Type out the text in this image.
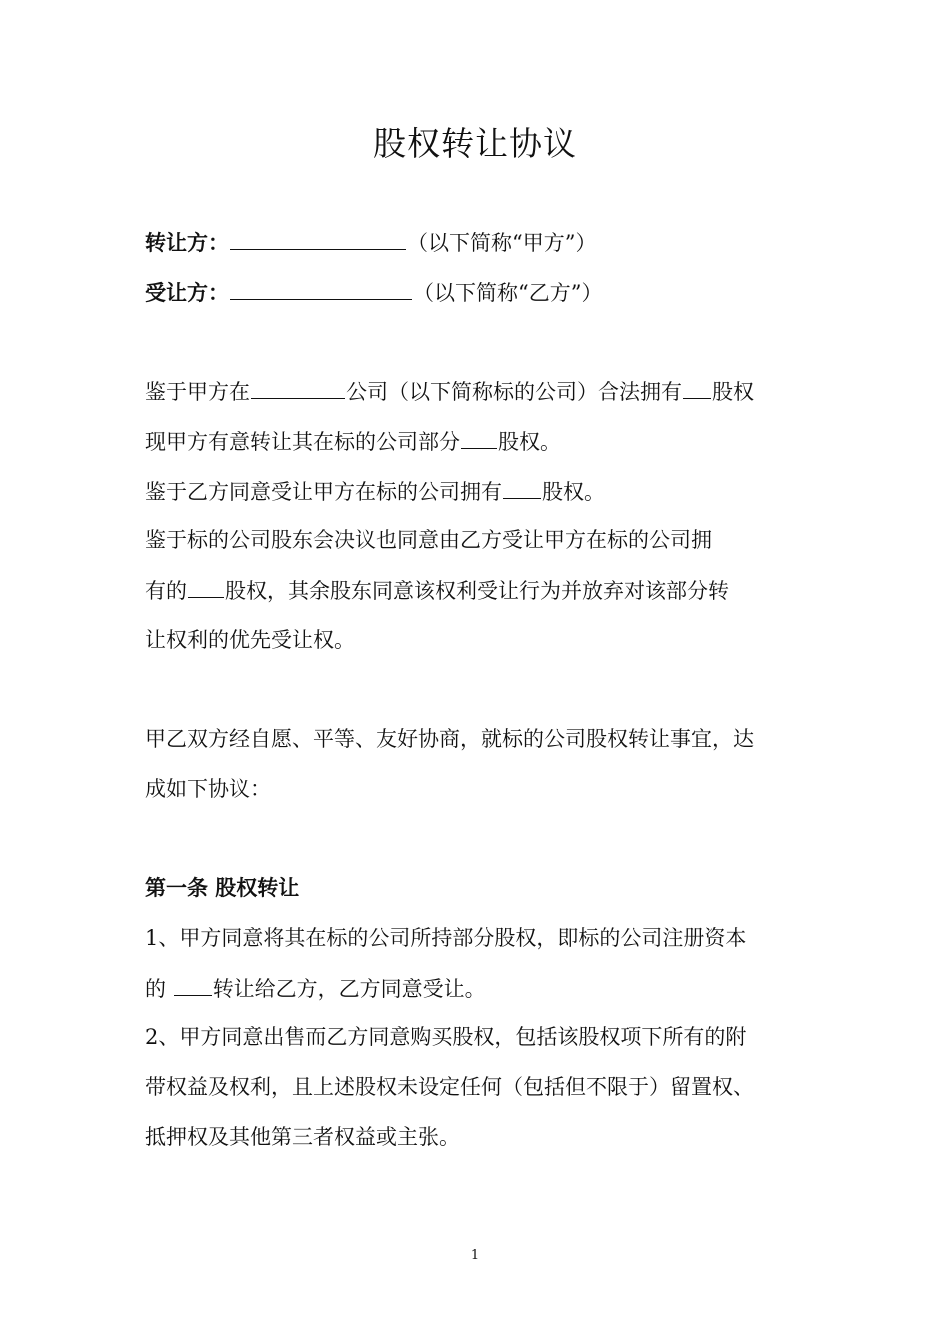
股权转让协议
转让方：	（以下简称“甲方”）
受让方：	（以下简称“乙方”）
鉴于甲方在	公司（以下简称标的公司）合法拥有 股权
现甲方有意转让其在标的公司部分 股权。
鉴于乙方同意受让甲方在标的公司拥有 股权。
鉴于标的公司股东会决议也同意由乙方受让甲方在标的公司拥
有的 股权，其余股东同意该权利受让行为并放弃对该部分转
让权利的优先受让权。
甲乙双方经自愿、平等、友好协商，就标的公司股权转让事宜，达
成如下协议：
第一条 股权转让
1、甲方同意将其在标的公司所持部分股权，即标的公司注册资本
的 转让给乙方，乙方同意受让。
2、甲方同意出售而乙方同意购买股权，包括该股权项下所有的附
带权益及权利，且上述股权未设定任何（包括但不限于）留置权、
抵押权及其他第三者权益或主张。
1
